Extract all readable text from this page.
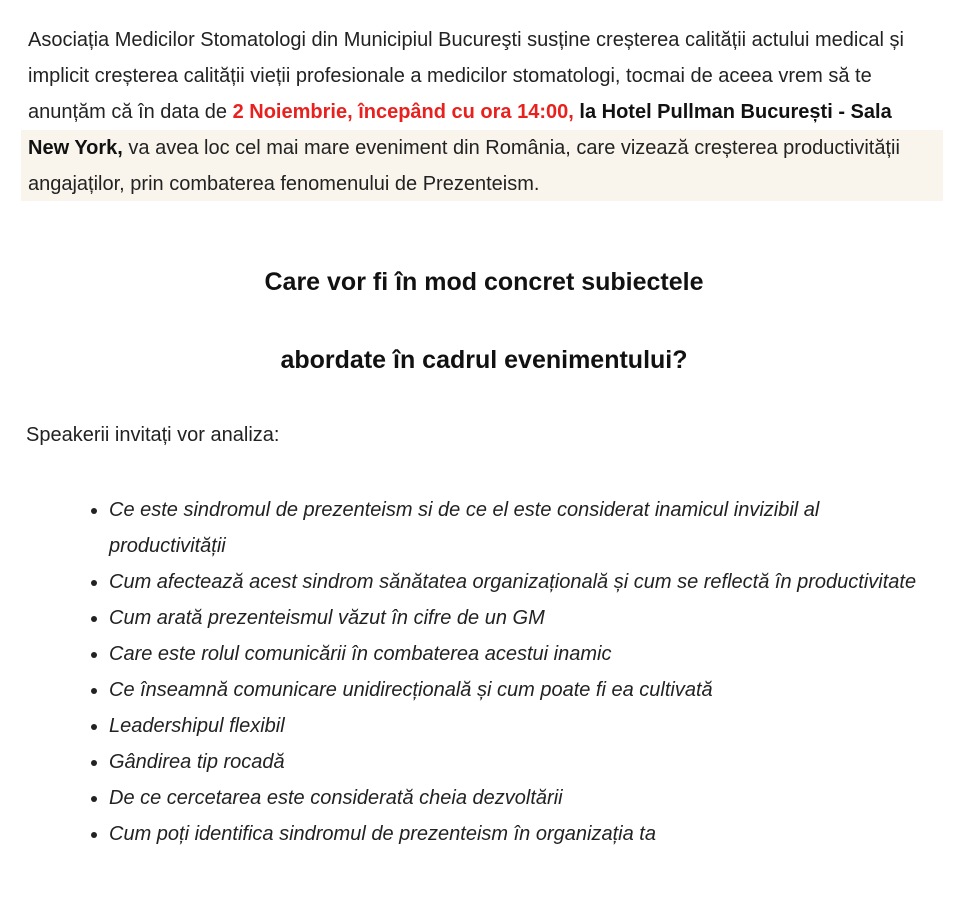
Asociația Medicilor Stomatologi din Municipiul Bucureşti susține creșterea calității actului medical și implicit creșterea calității vieții profesionale a medicilor stomatologi, tocmai de aceea vrem să te anunțăm că în data de 2 Noiembrie, începând cu ora 14:00, la Hotel Pullman București - Sala New York, va avea loc cel mai mare eveniment din România, care vizează creșterea productivității angajaților, prin combaterea fenomenului de Prezenteism.

Care vor fi în mod concret subiectele
abordate în cadrul evenimentului?

Speakerii invitați vor analiza:

• Ce este sindromul de prezenteism si de ce el este considerat inamicul invizibil al productivității
• Cum afectează acest sindrom sănătatea organizațională și cum se reflectă în productivitate
• Cum arată prezenteismul văzut în cifre de un GM
• Care este rolul comunicării în combaterea acestui inamic
• Ce înseamnă comunicare unidirecțională și cum poate fi ea cultivată
• Leadershipul flexibil
• Gândirea tip rocadă
• De ce cercetarea este considerată cheia dezvoltării
• Cum poți identifica sindromul de prezenteism în organizația ta
